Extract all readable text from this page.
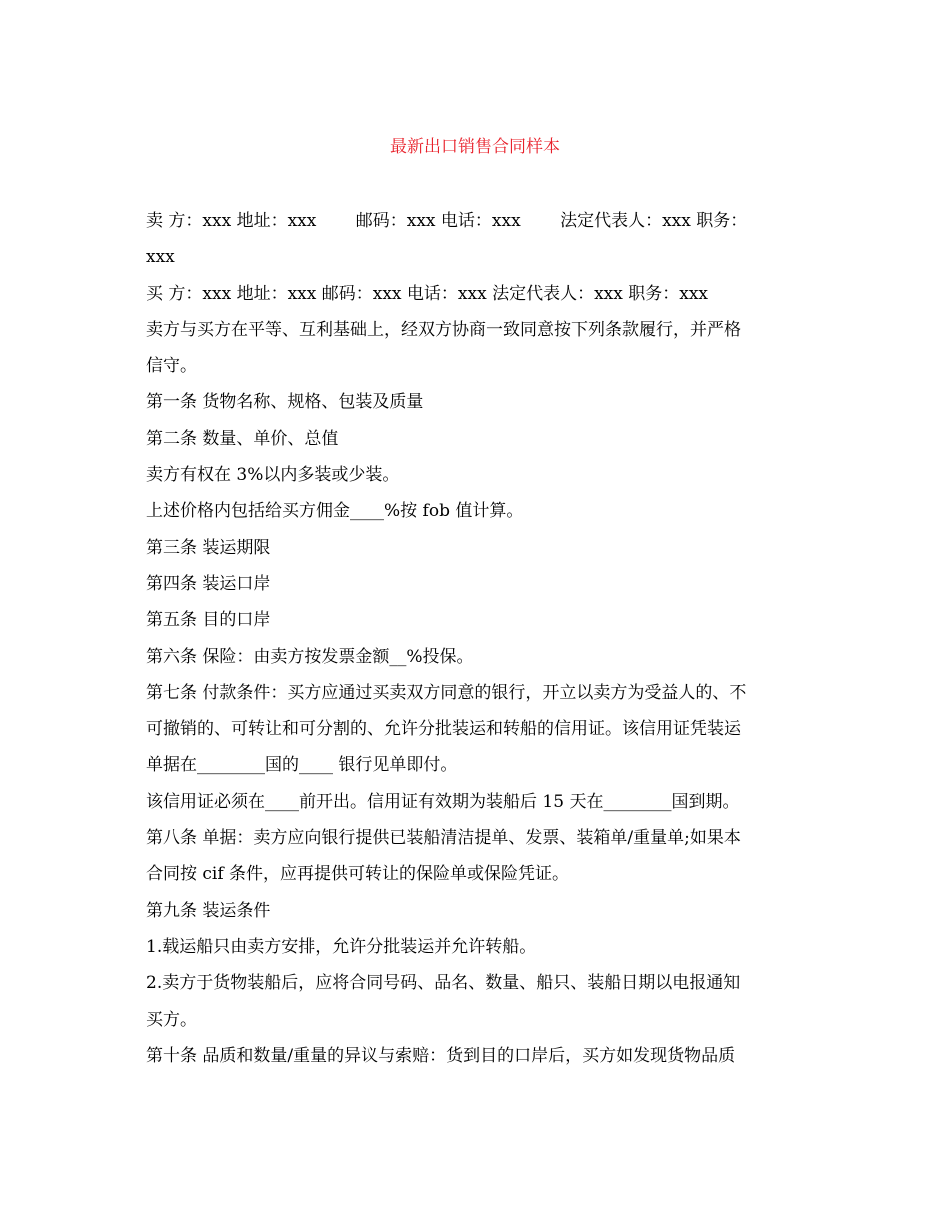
最新出口销售合同样本
卖 方：xxx 地址：xxx　　 邮码：xxx 电话：xxx　　 法定代表人：xxx 职务：
xxx
买 方：xxx 地址：xxx 邮码：xxx 电话：xxx 法定代表人：xxx 职务：xxx
卖方与买方在平等、互利基础上，经双方协商一致同意按下列条款履行，并严格
信守。
第一条 货物名称、规格、包装及质量
第二条 数量、单价、总值
卖方有权在 3%以内多装或少装。
上述价格内包括给买方佣金____%按 fob 值计算。
第三条 装运期限
第四条 装运口岸
第五条 目的口岸
第六条 保险：由卖方按发票金额__%投保。
第七条 付款条件：买方应通过买卖双方同意的银行，开立以卖方为受益人的、不
可撤销的、可转让和可分割的、允许分批装运和转船的信用证。该信用证凭装运
单据在________国的____ 银行见单即付。
该信用证必须在____前开出。信用证有效期为装船后 15 天在________国到期。
第八条 单据：卖方应向银行提供已装船清洁提单、发票、装箱单/重量单;如果本
合同按 cif 条件，应再提供可转让的保险单或保险凭证。
第九条 装运条件
1.载运船只由卖方安排，允许分批装运并允许转船。
2.卖方于货物装船后，应将合同号码、品名、数量、船只、装船日期以电报通知
买方。
第十条 品质和数量/重量的异议与索赔：货到目的口岸后，买方如发现货物品质
